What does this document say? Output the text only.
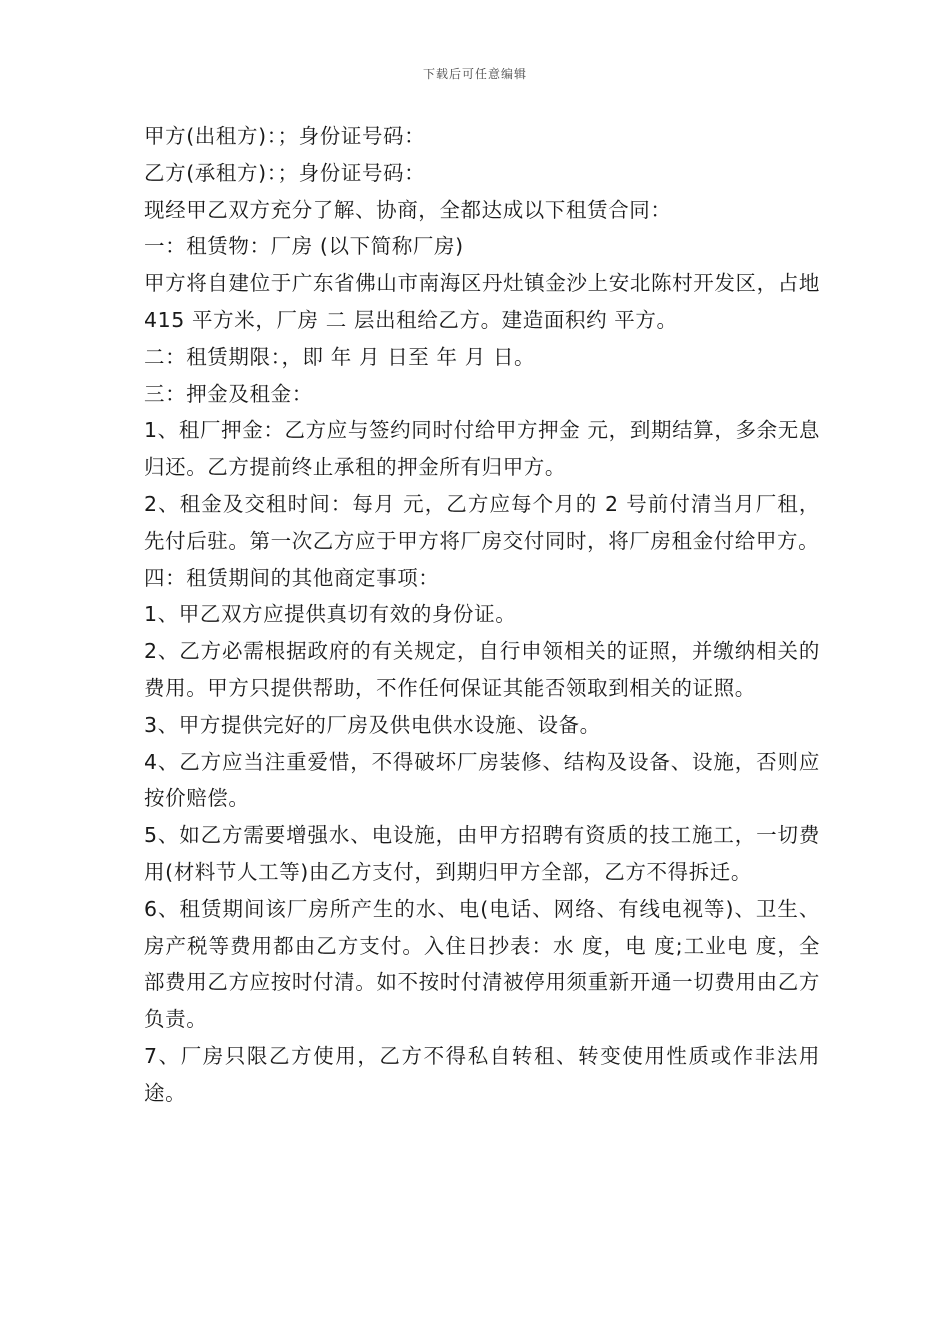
下载后可任意编辑

甲方(出租方)：；身份证号码：

乙方(承租方)：；身份证号码：

现经甲乙双方充分了解、协商，全都达成以下租赁合同：

一：租赁物：厂房 (以下简称厂房)

甲方将自建位于广东省佛山市南海区丹灶镇金沙上安北陈村开发区，占地 415 平方米，厂房 二 层出租给乙方。建造面积约 平方。

二：租赁期限：，即 年 月 日至 年 月 日。

三：押金及租金：

1、租厂押金：乙方应与签约同时付给甲方押金 元，到期结算，多余无息归还。乙方提前终止承租的押金所有归甲方。

2、租金及交租时间：每月 元，乙方应每个月的 2 号前付清当月厂租，先付后驻。第一次乙方应于甲方将厂房交付同时，将厂房租金付给甲方。

四：租赁期间的其他商定事项：

1、甲乙双方应提供真切有效的身份证。

2、乙方必需根据政府的有关规定，自行申领相关的证照，并缴纳相关的费用。甲方只提供帮助，不作任何保证其能否领取到相关的证照。

3、甲方提供完好的厂房及供电供水设施、设备。

4、乙方应当注重爱惜，不得破坏厂房装修、结构及设备、设施，否则应按价赔偿。

5、如乙方需要增强水、电设施，由甲方招聘有资质的技工施工，一切费用(材料节人工等)由乙方支付，到期归甲方全部，乙方不得拆迁。

6、租赁期间该厂房所产生的水、电(电话、网络、有线电视等)、卫生、房产税等费用都由乙方支付。入住日抄表：水 度，电 度;工业电 度，全部费用乙方应按时付清。如不按时付清被停用须重新开通一切费用由乙方负责。

7、厂房只限乙方使用，乙方不得私自转租、转变使用性质或作非法用途。
